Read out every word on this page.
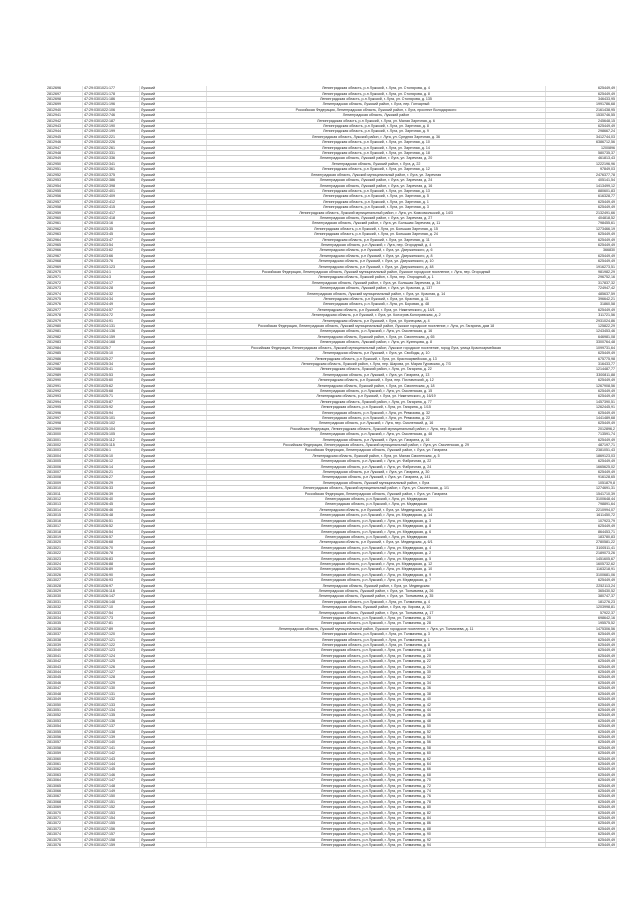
2812696	47:29:0301021:177	Лужский	Ленинградская область, р-н Лужский, г. Луга, ул. Столярова, д. 4	625449,49
2812697	47:29:0301021:178	Лужский	Ленинградская область, р-н Лужский, г. Луга, ул. Столярова, д. 8	625449,49
2812698	47:29:0301021:186	Лужский	Ленинградская область, р-н Лужский, г. Луга, ул. Столярова, д. 135	346433,95
2812699	47:29:0301021:196	Лужский	Ленинградская область, Лужский район, г. Луга, пер. Гончарный	1991786,68
2812940	47:29:0301022:106	Лужский	Российская Федерация, Ленинградская область, Лужский район, г. Луга, проспект Володарского	2161438,95
2812941	47:29:0301022:746	Лужский	Ленинградская область, Лужский район	1530746,55
2812942	47:29:0301022:187	Лужский	Ленинградская область, р-н Лужский, г. Луга, ул. Малая Заречная, д. 6	245648,15
2812943	47:29:0301022:190	Лужский	Ленинградская область, р-н Лужский, г. Луга, ул. Заречная, д. 8	625449,49
2812944	47:29:0301022:199	Лужский	Ленинградская область, р-н Лужский, г. Луга, ул. Заречная, д. 9	298667,24
2812945	47:29:0301022:221	Лужский	Ленинградская область, Лужский район, г. Луга, ул. Средняя Заречная, д. 36	3412744,03
2812946	47:29:0301022:226	Лужский	Ленинградская область, р-н Лужский, г. Луга, ул. Заречная, д. 10	6386712,56
2812947	47:29:0301022:261	Лужский	Ленинградская область, р-н Лужский, г. Луга, ул. Заречная, д. 14	1200896
2812948	47:29:0301022:331	Лужский	Ленинградская область, р-н Лужский, г. Луга, ул. Заречная, д. 18	580735,37
2812949	47:29:0301022:336	Лужский	Ленинградская область, Лужский район, г. Луга, ул. Заречная, д. 20	461813,43
2812950	47:29:0301022:341	Лужский	Ленинградская область, Лужский район, г. Луга, д. 22	1222196,96
2812951	47:29:0301022:361	Лужский	Ленинградская область, р-н Лужский, г. Луга, ул. Заречная, д. 12	97849,03
2812952	47:29:0301022:375	Лужский	Ленинградская область, Лужский муниципальный район, г. Луга, ул. Заречная	2476377,78
2812953	47:29:0301022:386	Лужский	Ленинградская область, Лужский район, г. Луга, ул. Заречная, д. 24	405141,54
2812954	47:29:0301022:398	Лужский	Ленинградская область, Лужский район, г. Луга, ул. Заречная, д. 16	1413499,12
2812955	47:29:0301022:401	Лужский	Ленинградская область, р-н Лужский, г. Луга, ул. Заречная, д. 13	880601,83
2812956	47:29:0301022:409	Лужский	Ленинградская область, р-н Лужский, г. Луга, ул. Заречная, д. 5	616328,77
2812957	47:29:0301022:412	Лужский	Ленинградская область, р-н Лужский, г. Луга, ул. Заречная, д. 1	625449,49
2812958	47:29:0301022:415	Лужский	Ленинградская область, р-н Лужский, г. Луга, ул. Заречная, д. 3	625449,49
2812959	47:29:0301022:417	Лужский	Ленинградская область, Лужский муниципальный район, г. Луга, ул. Комсомольский, д. 14/3	2132491,66
2812960	47:29:0301022:418	Лужский	Ленинградская область, Лужский район, г. Луга, ул. Заречная, д. 27	404818,52
2812961	47:29:0301023:16	Лужский	Ленинградская область, Лужский район, г. Луга, ул. Большая Заречная, д. 11	798455,61
2812962	47:29:0301023:35	Лужский	Ленинградская область, р-н Лужский, г. Луга, ул. Большая Заречная, д. 15	1273466,19
2812963	47:29:0301023:45	Лужский	Ленинградская область, р-н Лужский, г. Луга, ул. Большая Заречная, д. 24	625449,49
2812964	47:29:0301023:47	Лужский	Ленинградская область, р-н Лужский, г. Луга, ул. Заречная, д. 11	625449,49
2812965	47:29:0301023:54	Лужский	Ленинградская область, р-н Лужский, г. Луга, пер. Огородный, д. 4	625449,49
2812966	47:29:0301023:62	Лужский	Ленинградская область, р-н Лужский, г. Луга, ул. Дзержинского, д. 6	366830
2812967	47:29:0301023:66	Лужский	Ленинградская область, р-н Лужский, г. Луга, ул. Дзержинского, д. 8	625449,49
2812968	47:29:0301023:76	Лужский	Ленинградская область, р-н Лужский, г. Луга, ул. Дзержинского, д. 10	625449,49
2812969	47:29:0301023:123	Лужский	Ленинградская область, р-н Лужский, г. Луга, ул. Дзержинского, д. 48	1916273,51
2812970	47:29:0301024:1	Лужский	Российская Федерация, Ленинградская область, Лужский муниципальный район, Лужское городское поселение, г. Луга, пер. Огородный	981982,29
2812971	47:29:0301024:3	Лужский	Ленинградская область, Лужский район, г. Луга, пер. Огородный, д. 1	296752,16
2812972	47:29:0301024:17	Лужский	Ленинградская область, Лужский район, г. Луга, ул. Большая Заречная, д. 34	317837,32
2812973	47:29:0301024:28	Лужский	Ленинградская область, Лужский район, г. Луга, ул. Красная, д. 137	724947,42
2812974	47:29:0301024:32	Лужский	Ленинградская область, Лужский муниципальный район, г. Луга, ул. Красная, д. 14	485637,59
2812975	47:29:0301024:34	Лужский	Ленинградская область, р-н Лужский, г. Луга, ул. Красная, д. 11	396642,21
2812976	47:29:0301024:49	Лужский	Ленинградская область, р-н Лужский, г. Луга, ул. Боровая, д. 48	31860,58
2812977	47:29:0301024:57	Лужский	Ленинградская область, р-н Лужский, г. Луга, ул. Никитинского, д. 14/1	625449,49
2812978	47:29:0301024:72	Лужский	Ленинградская область, р-н Лужский, г. Луга, ул. Кологрив-Кологривская, д. 2	311721,56
2812979	47:29:0301024:91	Лужский	Ленинградская область, р-н Лужский, г. Луга, ул. Кузнецова, д. 4	2931024,86
2812980	47:29:0301024:131	Лужский	Российская Федерация, Ленинградская область, Лужский муниципальный район, Лужское городское поселение, г. Луга, ул. Гагарина, дом 18	125822,29
2812981	47:29:0301024:136	Лужский	Ленинградская область, р-н Лужский, г. Луга, ул. Смоленская, д. 16	1243453,46
2812982	47:29:0301024:159	Лужский	Ленинградская область, Лужский район, г. Луга, ул. Смоленская, д. 65	646981,08
2812983	47:29:0301024:168	Лужский	Ленинградская область, Лужский район, г. Луга, ул. Кузнецова, д. 8	3300764,48
2812984	47:29:0301025:7	Лужский	Российская Федерация, Ленинградская область, Лужский муниципальный район, Лужское городское поселение, город Луга, улица Красноармейская	1099731,64
2812985	47:29:0301025:10	Лужский	Ленинградская область, р-н Лужский, г. Луга, ул. Свободы, д. 10	625449,49
2812986	47:29:0301025:27	Лужский	Ленинградская область, р-н Лужский, г. Луга, ул. Красноармейская, д. 13	675775,98
2812987	47:29:0301025:34	Лужский	Ленинградская область, Лужский район, г. Луга, пер. Шарова, ул. Мария Гуровская, д. 7/3	316433,77
2812988	47:29:0301025:41	Лужский	Ленинградская область, Лужский район, г. Луга, ул. Гагарина, д. 22	1214487,77
2812989	47:29:0301025:53	Лужский	Ленинградская область, р-н Лужский, г. Луга, ул. Гагарина, д. 13	3300811,88
2812990	47:29:0301025:60	Лужский	Ленинградская область, р-н Лужский, г. Луга, пер. Почтамтский, д. 12	625449,49
2812991	47:29:0301025:62	Лужский	Ленинградская область, Лужский район, г. Луга, ул. Смоленская, д. 18	1267908,56
2812992	47:29:0301025:68	Лужский	Ленинградская область, р-н Лужский, г. Луга, ул. Смоленская, д. 15	625449,49
2812993	47:29:0301025:71	Лужский	Ленинградская область, р-н Лужский, г. Луга, ул. Никитинского, д. 16/19	625449,49
2812994	47:29:0301025:87	Лужский	Ленинградская область, Лужский район, г. Луга, ул. Гагарина, д. 77	1457390,51
2812995	47:29:0301025:92	Лужский	Ленинградская область, р-н Лужский, г. Луга, ул. Гагарина, д. 1/15	1262445,91
2812996	47:29:0301025:94	Лужский	Ленинградская область, р-н Лужский, г. Луга, ул. Ремизова, д. 32	625449,49
2812997	47:29:0301025:101	Лужский	Ленинградская область, р-н Лужский, г. Луга, ул. Ремизова, д. 22	1441489,68
2812998	47:29:0301025:102	Лужский	Ленинградская область, р-н Лужский, г. Луга, пер. Смоленский, д. 16	625449,49
2812999	47:29:0301025:104	Лужский	Российская Федерация, Ленинградская область, Лужский муниципальный район, г. Луга, пер. Лужский	2012896,2
2813000	47:29:0301025:105	Лужский	Ленинградская область, р-н Лужский, г. Луга, ул. Смоленская, д. 48	713591,74
2813001	47:29:0301025:112	Лужский	Ленинградская область, р-н Лужский, г. Луга, ул. Гагарина, д. 16	625449,49
2813002	47:29:0301025:115	Лужский	Российская Федерация, Ленинградская область, Лужский муниципальный район, г. Луга, ул. Смоленская, д. 29	487197,71
2813003	47:29:0301026:1	Лужский	Российская Федерация, Ленинградская область, Лужский район, г. Луга, ул. Гагарина	2381051,43
2813004	47:29:0301026:10	Лужский	Ленинградская область, Лужский район, г. Луга, ул. Малая Смоленская, д. 5	1869123,03
2813005	47:29:0301026:12	Лужский	Ленинградская область, р-н Лужский, г. Луга, ул. Фабричная, д. 22	625449,49
2813006	47:29:0301026:14	Лужский	Ленинградская область, р-н Лужский, г. Луга, ул. Фабричная, д. 24	1665625,02
2813007	47:29:0301026:21	Лужский	Ленинградская область, р-н Лужский, г. Луга, ул. Гагарина, д. 30	625449,49
2813008	47:29:0301026:27	Лужский	Ленинградская область, р-н Лужский, г. Луга, ул. Гагарина, д. 141	916128,65
2813009	47:29:0301026:29	Лужский	Ленинградская область, Лужский муниципальный район, г. Луга	1051879,8
2813010	47:29:0301026:33	Лужский	Ленинградская область, Лужский муниципальный район, г. Луга, ул. Смоленская, д. 1/1	1274691,31
2813011	47:29:0301026:39	Лужский	Российская Федерация, Ленинградская область, Лужский район, г. Луга, ул. Гагарина	1541710,39
2813012	47:29:0301026:40	Лужский	Ленинградская область, р-н Лужский, г. Луга, ул. Медведская	3100648,44
2813013	47:29:0301026:45	Лужский	Ленинградская область, р-н Лужский, г. Луга, ул. Медведская	798891,64
2813014	47:29:0301026:46	Лужский	Ленинградская область, р-н Лужский, г. Луга, ул. Медведская, д. 6/4	2210994,07
2813015	47:29:0301026:48	Лужский	Ленинградская область, р-н Лужский, г. Луга, ул. Медведская, д. 14	1611450,72
2813016	47:29:0301026:51	Лужский	Ленинградская область, р-н Лужский, г. Луга, ул. Медведская, д. 3	107923,79
2813017	47:29:0301026:52	Лужский	Ленинградская область, р-н Лужский, г. Луга, ул. Медведская, д. 8	625449,49
2813018	47:29:0301026:54	Лужский	Ленинградская область, р-н Лужский, г. Луга, ул. Медведская, д. 6	864453,71
2813019	47:29:0301026:57	Лужский	Ленинградская область, р-н Лужский, г. Луга, ул. Медведская	183780,83
2813020	47:29:0301026:68	Лужский	Ленинградская область, р-н Лужский, г. Луга, ул. Медведская, д. 6/1	2780581,22
2813021	47:29:0301026:70	Лужский	Ленинградская область, р-н Лужский, г. Луга, ул. Медведская, д. 4	3100511,41
2813022	47:29:0301026:78	Лужский	Ленинградская область, р-н Лужский, г. Луга, ул. Медведская, д. 2	2189073,26
2813023	47:29:0301026:83	Лужский	Ленинградская область, р-н Лужский, г. Луга, ул. Медведская, д. 5	1451605,67
2813024	47:29:0301026:88	Лужский	Ленинградская область, р-н Лужский, г. Луга, ул. Медведская, д. 12	1605732,62
2813025	47:29:0301026:89	Лужский	Ленинградская область, р-н Лужский, г. Луга, ул. Медведская, д. 10	1163218,91
2813026	47:29:0301026:90	Лужский	Ленинградская область, р-н Лужский, г. Луга, ул. Медведская, д. 9	3100681,06
2813027	47:29:0301026:93	Лужский	Ленинградская область, р-н Лужский, г. Луга, ул. Медведская, д. 7	625449,49
2813028	47:29:0301026:97	Лужский	Ленинградская область, Лужский район, г. Луга, ул. Медведская	2252113,24
2813029	47:29:0301026:118	Лужский	Ленинградская область, Лужский район, г. Луга, ул. Толмачева, д. 26	365430,52
2813030	47:29:0301026:147	Лужский	Ленинградская область, Лужский район, г. Луга, ул. Толмачева, д. 35	380747,37
2813031	47:29:0301026:148	Лужский	Ленинградская область, р-н Лужский, г. Луга, ул. Толмачева, д. 4	181276,23
2813032	47:29:0301027:10	Лужский	Ленинградская область, Лужский район, г. Луга, пр. Кирова, д. 10	1203998,81
2813033	47:29:0301027:54	Лужский	Ленинградская область, Лужский район, г. Луга, ул. Толмачева, д. 17	57922,37
2813034	47:29:0301027:73	Лужский	Ленинградская область, р-н Лужский, г. Луга, ул. Толмачева, д. 25	698642,16
2813035	47:29:0301027:81	Лужский	Ленинградская область, р-н Лужский, г. Луга, ул. Толмачева, д. 28	195575,52
2813036	47:29:0301027:89	Лужский	Ленинградская область, Лужский муниципальный район, Лужское городское поселение, г. Луга, ул. Толмачева, д. 11	1475306,56
2813037	47:29:0301027:120	Лужский	Ленинградская область, р-н Лужский, г. Луга, ул. Толмачева, д. 3	625449,49
2813038	47:29:0301027:121	Лужский	Ленинградская область, р-н Лужский, г. Луга, ул. Толмачева, д. 1	625449,49
2813039	47:29:0301027:122	Лужский	Ленинградская область, р-н Лужский, г. Луга, ул. Толмачева, д. 8	625449,49
2813040	47:29:0301027:123	Лужский	Ленинградская область, р-н Лужский, г. Луга, ул. Толмачева, д. 18	625449,49
2813041	47:29:0301027:124	Лужский	Ленинградская область, р-н Лужский, г. Луга, ул. Толмачева, д. 20	625449,49
2813042	47:29:0301027:125	Лужский	Ленинградская область, р-н Лужский, г. Луга, ул. Толмачева, д. 22	625449,49
2813043	47:29:0301027:126	Лужский	Ленинградская область, р-н Лужский, г. Луга, ул. Толмачева, д. 24	625449,49
2813044	47:29:0301027:127	Лужский	Ленинградская область, р-н Лужский, г. Луга, ул. Толмачева, д. 30	625449,49
2813045	47:29:0301027:128	Лужский	Ленинградская область, р-н Лужский, г. Луга, ул. Толмачева, д. 32	625449,49
2813046	47:29:0301027:129	Лужский	Ленинградская область, р-н Лужский, г. Луга, ул. Толмачева, д. 34	625449,49
2813047	47:29:0301027:130	Лужский	Ленинградская область, р-н Лужский, г. Луга, ул. Толмачева, д. 36	625449,49
2813048	47:29:0301027:131	Лужский	Ленинградская область, р-н Лужский, г. Луга, ул. Толмачева, д. 38	625449,49
2813049	47:29:0301027:132	Лужский	Ленинградская область, р-н Лужский, г. Луга, ул. Толмачева, д. 40	625449,49
2813050	47:29:0301027:133	Лужский	Ленинградская область, р-н Лужский, г. Луга, ул. Толмачева, д. 42	625449,49
2813051	47:29:0301027:134	Лужский	Ленинградская область, р-н Лужский, г. Луга, ул. Толмачева, д. 44	625449,49
2813052	47:29:0301027:135	Лужский	Ленинградская область, р-н Лужский, г. Луга, ул. Толмачева, д. 46	625449,49
2813053	47:29:0301027:136	Лужский	Ленинградская область, р-н Лужский, г. Луга, ул. Толмачева, д. 48	625449,49
2813054	47:29:0301027:137	Лужский	Ленинградская область, р-н Лужский, г. Луга, ул. Толмачева, д. 50	625449,49
2813055	47:29:0301027:138	Лужский	Ленинградская область, р-н Лужский, г. Луга, ул. Толмачева, д. 52	625449,49
2813056	47:29:0301027:139	Лужский	Ленинградская область, р-н Лужский, г. Луга, ул. Толмачева, д. 54	625449,49
2813057	47:29:0301027:140	Лужский	Ленинградская область, р-н Лужский, г. Луга, ул. Толмачева, д. 56	625449,49
2813058	47:29:0301027:141	Лужский	Ленинградская область, р-н Лужский, г. Луга, ул. Толмачева, д. 58	625449,49
2813059	47:29:0301027:142	Лужский	Ленинградская область, р-н Лужский, г. Луга, ул. Толмачева, д. 60	625449,49
2813060	47:29:0301027:143	Лужский	Ленинградская область, р-н Лужский, г. Луга, ул. Толмачева, д. 62	625449,49
2813061	47:29:0301027:144	Лужский	Ленинградская область, р-н Лужский, г. Луга, ул. Толмачева, д. 64	625449,49
2813062	47:29:0301027:145	Лужский	Ленинградская область, р-н Лужский, г. Луга, ул. Толмачева, д. 66	625449,49
2813063	47:29:0301027:146	Лужский	Ленинградская область, р-н Лужский, г. Луга, ул. Толмачева, д. 68	625449,49
2813064	47:29:0301027:147	Лужский	Ленинградская область, р-н Лужский, г. Луга, ул. Толмачева, д. 70	625449,49
2813065	47:29:0301027:148	Лужский	Ленинградская область, р-н Лужский, г. Луга, ул. Толмачева, д. 72	625449,49
2813066	47:29:0301027:149	Лужский	Ленинградская область, р-н Лужский, г. Луга, ул. Толмачева, д. 74	625449,49
2813067	47:29:0301027:150	Лужский	Ленинградская область, р-н Лужский, г. Луга, ул. Толмачева, д. 76	625449,49
2813068	47:29:0301027:151	Лужский	Ленинградская область, р-н Лужский, г. Луга, ул. Толмачева, д. 78	625449,49
2813069	47:29:0301027:152	Лужский	Ленинградская область, р-н Лужский, г. Луга, ул. Толмачева, д. 80	625449,49
2813070	47:29:0301027:153	Лужский	Ленинградская область, р-н Лужский, г. Луга, ул. Толмачева, д. 82	625449,49
2813071	47:29:0301027:154	Лужский	Ленинградская область, р-н Лужский, г. Луга, ул. Толмачева, д. 84	625449,49
2813072	47:29:0301027:155	Лужский	Ленинградская область, р-н Лужский, г. Луга, ул. Толмачева, д. 86	625449,49
2813073	47:29:0301027:156	Лужский	Ленинградская область, р-н Лужский, г. Луга, ул. Толмачева, д. 88	625449,49
2813074	47:29:0301027:157	Лужский	Ленинградская область, р-н Лужский, г. Луга, ул. Толмачева, д. 90	625449,49
2813075	47:29:0301027:158	Лужский	Ленинградская область, р-н Лужский, г. Луга, ул. Толмачева, д. 92	625449,49
2813076	47:29:0301027:159	Лужский	Ленинградская область, р-н Лужский, г. Луга, ул. Толмачева, д. 94	625449,49
